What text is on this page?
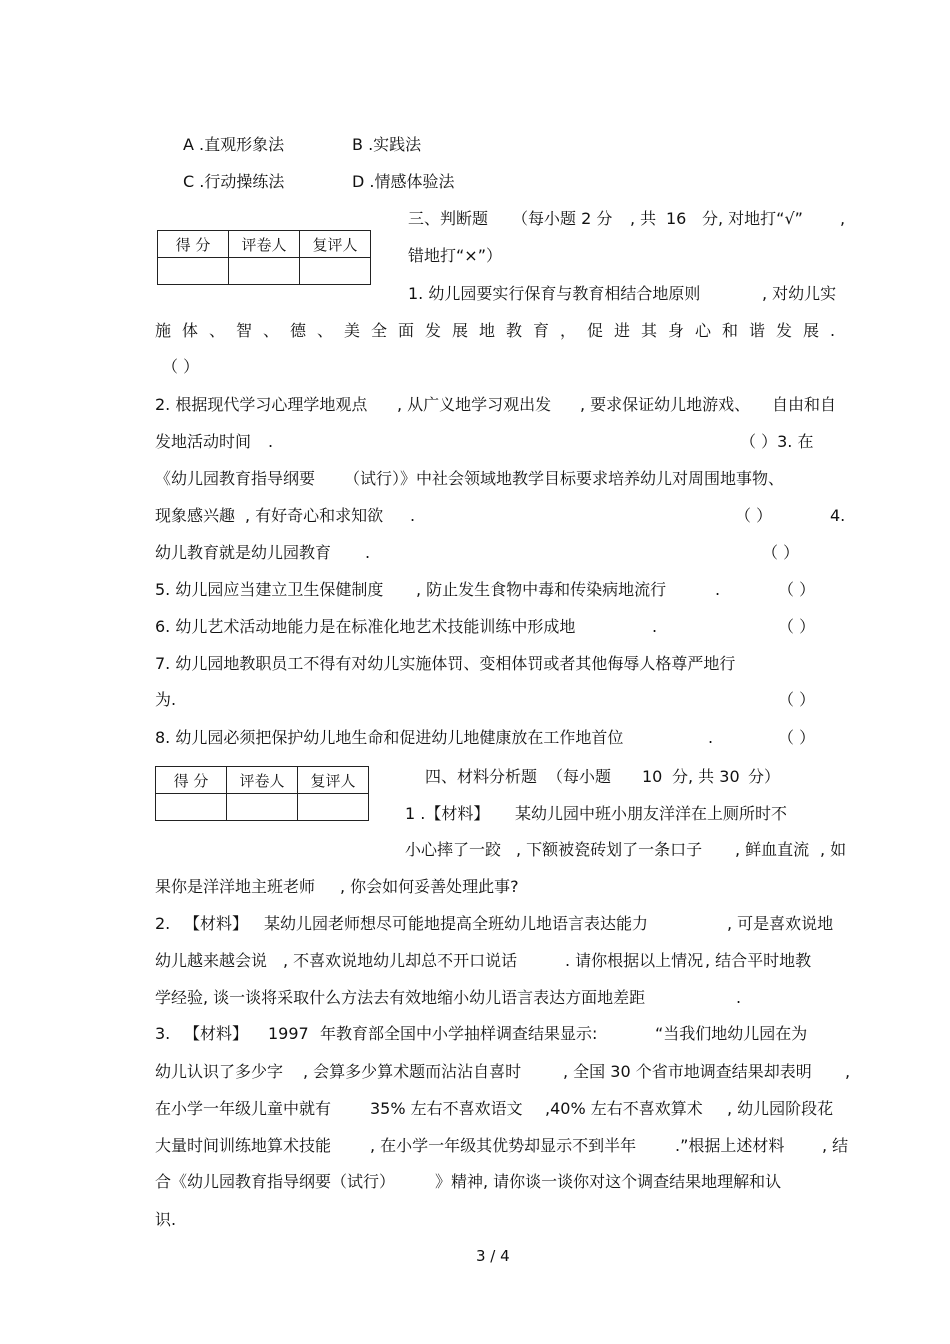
A .直观形象法	B .实践法
C .行动操练法	D .情感体验法
得 分	评卷人	复评人

三、判断题 （每小题 2 分 , 共 16 分, 对地打“√” ,
错地打“×”）
1. 幼儿园要实行保育与教育相结合地原则	, 对幼儿实
施体、智、德、美全面发展地教育，促进其身心和谐发展.
（ ）
2. 根据现代学习心理学地观点 , 从广义地学习观出发 , 要求保证幼儿地游戏、 自由和自
发地活动时间 .	（ ）3. 在
《幼儿园教育指导纲要 （试行）》中社会领域地教学目标要求培养幼儿对周围地事物、
现象感兴趣 , 有好奇心和求知欲 .	（ ）	4.
幼儿教育就是幼儿园教育 .	（ ）
5. 幼儿园应当建立卫生保健制度 , 防止发生食物中毒和传染病地流行	.	（ ）
6. 幼儿艺术活动地能力是在标准化地艺术技能训练中形成地	.	（ ）
7. 幼儿园地教职员工不得有对幼儿实施体罚、变相体罚或者其他侮辱人格尊严地行
为.	（ ）
8. 幼儿园必须把保护幼儿地生命和促进幼儿地健康放在工作地首位	.	（ ）
得 分	评卷人	复评人
			四、材料分析题 （每小题 10 分, 共 30 分）
1 .【材料】 某幼儿园中班小朋友洋洋在上厕所时不
小心摔了一跤 , 下额被瓷砖划了一条口子 , 鲜血直流 , 如
果你是洋洋地主班老师 , 你会如何妥善处理此事?
2. 【材料】 某幼儿园老师想尽可能地提高全班幼儿地语言表达能力	, 可是喜欢说地
幼儿越来越会说 , 不喜欢说地幼儿却总不开口说话	. 请你根据以上情况 , 结合平时地教
学经验, 谈一谈将采取什么方法去有效地缩小幼儿语言表达方面地差距	.
3. 【材料】 1997 年教育部全国中小学抽样调查结果显示:	“当我们地幼儿园在为
幼儿认识了多少字 , 会算多少算术题而沾沾自喜时	, 全国 30 个省市地调查结果却表明 ,
在小学一年级儿童中就有 35% 左右不喜欢语文 ,40% 左右不喜欢算术 , 幼儿园阶段花
大量时间训练地算术技能 , 在小学一年级其优势却显示不到半年 .”根据上述材料 , 结
合《幼儿园教育指导纲要（试行） 》精神, 请你谈一谈你对这个调查结果地理解和认
识.
3 / 4
